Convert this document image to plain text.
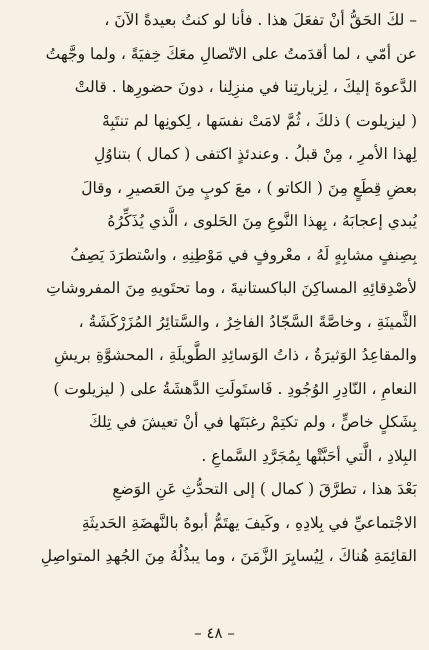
– لكَ الحَقُّ أنْ تفعَلَ هذا . فأنا لو كنتُ بعيدةً الآنَ ،
عن أمّي ، لما أقدَمتُ على الاتّصالِ معَكَ خِفيَةً ، ولما وجَّهتُ
الدَّعوةَ إليكَ ، لِزيارتِنا في منزِلِنا ، دونَ حضورِها . قالتْ
( ليزيلوت ) ذلكَ ، ثُمَّ لامَتْ نفسَها ، لِكونِها لم تنتَبِهْ
لِهذا الأمرِ ، مِنْ قبلُ . وعندئذٍ اكتفى ( كمال ) بتناوُلِ
بعضِ قِطَعٍ مِنَ ( الكاتو ) ، معَ كوبٍ مِنَ العَصيرِ ، وقالَ
يُبدي إعجابَهُ ، بِهذا النَّوعِ مِنَ الحَلوى ، الَّذي يُذَكِّرُهُ
بِصِنفٍ مشابِهٍ لَهُ ، معْروفٍ في مَوْطِنِهِ ، واسْتطرَدَ يَصِفُ
لأصْدِقائِهِ المساكِنَ الباكستانيةَ ، وما تحتَويهِ مِنَ المفروشاتِ
الثَّمينَةِ ، وخاصَّةً السَّجّادُ الفاخِرُ ، والسَّتائِرُ المُزَرْكَشَةُ ،
والمقاعِدُ الوَثيرَةُ ، ذاتُ الوَسائِدِ الطَّويلَةِ ، المحشوَّةِ بريشِ
النعامِ ، النّادِرِ الوُجُودِ . فَاستَولَتِ الدَّهشَةُ على ( ليزيلوت )
بِشَكلٍ خاصٍّ ، ولم تكتِمْ رغبَتَها في أنْ تعيشَ في تِلكَ
البِلادِ ، الَّتي أحَبَّتْها بِمُجَرَّدِ السَّماعِ .
بَعْدَ هذا ، تطرَّقَ ( كمال ) إلى التحدُّثِ عَنِ الوَضعِ
الاجْتماعيِّ في بِلادِهِ ، وكَيفَ يهتَمُّ أبوهُ بالنَّهضَةِ الحَديثَةِ
القائِمَةِ هُناكَ ، لِيُسايِرَ الزَّمَنَ ، وما يبذُلُهُ مِنَ الجُهدِ المتواصِلِ
– ٤٨ –
